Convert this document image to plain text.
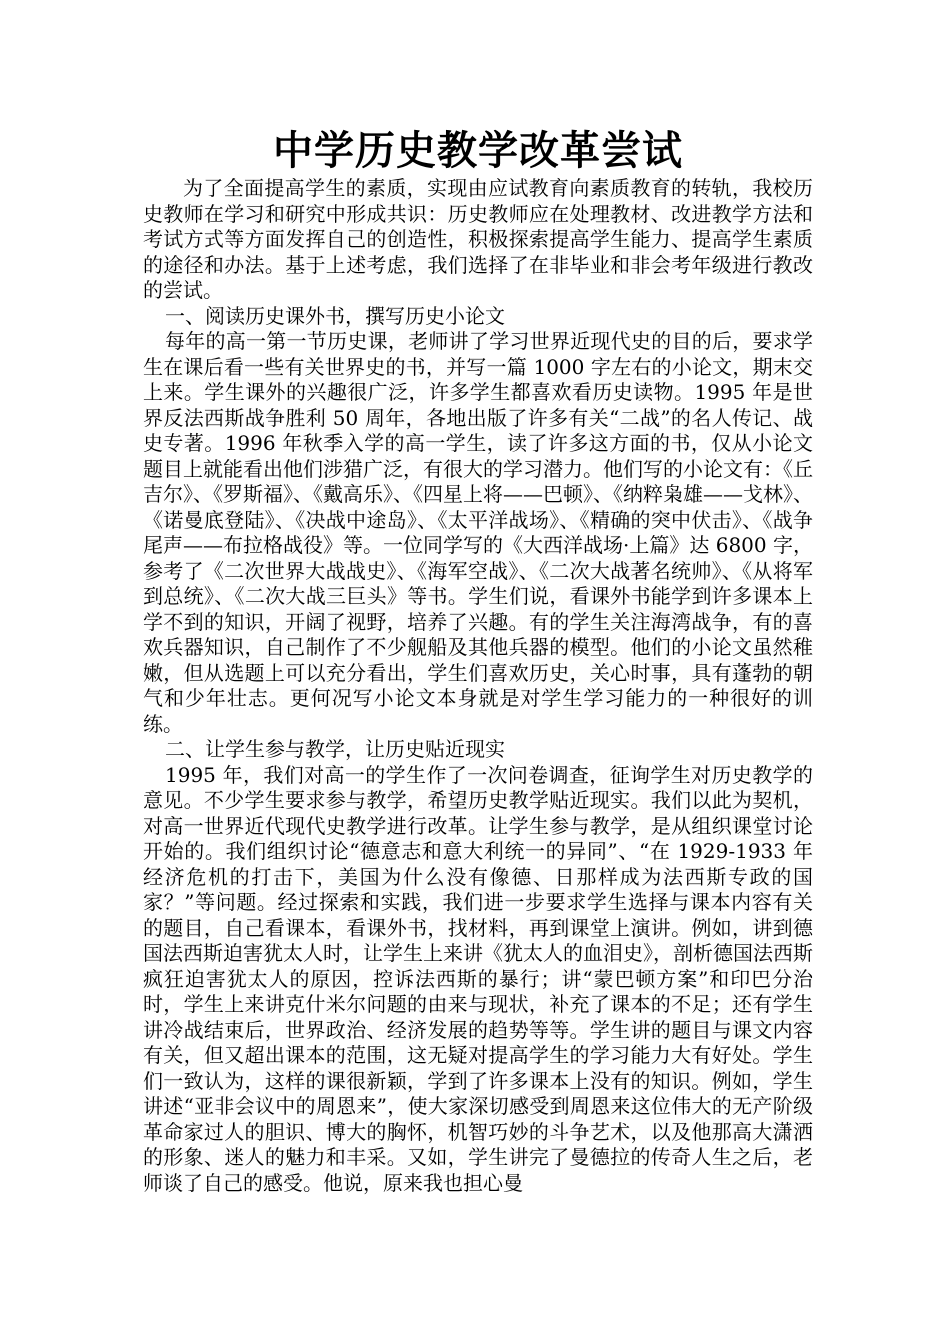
中学历史教学改革尝试

为了全面提高学生的素质，实现由应试教育向素质教育的转轨，我校历史教师在学习和研究中形成共识：历史教师应在处理教材、改进教学方法和考试方式等方面发挥自己的创造性，积极探索提高学生能力、提高学生素质的途径和办法。基于上述考虑，我们选择了在非毕业和非会考年级进行教改的尝试。

一、阅读历史课外书，撰写历史小论文

每年的高一第一节历史课，老师讲了学习世界近现代史的目的后，要求学生在课后看一些有关世界史的书，并写一篇 1000 字左右的小论文，期末交上来。学生课外的兴趣很广泛，许多学生都喜欢看历史读物。1995 年是世界反法西斯战争胜利 50 周年，各地出版了许多有关“二战”的名人传记、战史专著。1996 年秋季入学的高一学生，读了许多这方面的书，仅从小论文题目上就能看出他们涉猎广泛，有很大的学习潜力。他们写的小论文有：《丘吉尔》、《罗斯福》、《戴高乐》、《四星上将——巴顿》、《纳粹枭雄——戈林》、《诺曼底登陆》、《决战中途岛》、《太平洋战场》、《精确的突中伏击》、《战争尾声——布拉格战役》等。一位同学写的《大西洋战场·上篇》达 6800 字，参考了《二次世界大战战史》、《海军空战》、《二次大战著名统帅》、《从将军到总统》、《二次大战三巨头》等书。学生们说，看课外书能学到许多课本上学不到的知识，开阔了视野，培养了兴趣。有的学生关注海湾战争，有的喜欢兵器知识，自己制作了不少舰船及其他兵器的模型。他们的小论文虽然稚嫩，但从选题上可以充分看出，学生们喜欢历史，关心时事，具有蓬勃的朝气和少年壮志。更何况写小论文本身就是对学生学习能力的一种很好的训练。

二、让学生参与教学，让历史贴近现实

1995 年，我们对高一的学生作了一次问卷调查，征询学生对历史教学的意见。不少学生要求参与教学，希望历史教学贴近现实。我们以此为契机，对高一世界近代现代史教学进行改革。让学生参与教学，是从组织课堂讨论开始的。我们组织讨论“德意志和意大利统一的异同”、“在 1929-1933 年经济危机的打击下，美国为什么没有像德、日那样成为法西斯专政的国家？”等问题。经过探索和实践，我们进一步要求学生选择与课本内容有关的题目，自己看课本，看课外书，找材料，再到课堂上演讲。例如，讲到德国法西斯迫害犹太人时，让学生上来讲《犹太人的血泪史》，剖析德国法西斯疯狂迫害犹太人的原因，控诉法西斯的暴行；讲“蒙巴顿方案”和印巴分治时，学生上来讲克什米尔问题的由来与现状，补充了课本的不足；还有学生讲冷战结束后，世界政治、经济发展的趋势等等。学生讲的题目与课文内容有关，但又超出课本的范围，这无疑对提高学生的学习能力大有好处。学生们一致认为，这样的课很新颖，学到了许多课本上没有的知识。例如，学生讲述“亚非会议中的周恩来”，使大家深切感受到周恩来这位伟大的无产阶级革命家过人的胆识、博大的胸怀，机智巧妙的斗争艺术，以及他那高大潇洒的形象、迷人的魅力和丰采。又如，学生讲完了曼德拉的传奇人生之后，老师谈了自己的感受。他说，原来我也担心曼
